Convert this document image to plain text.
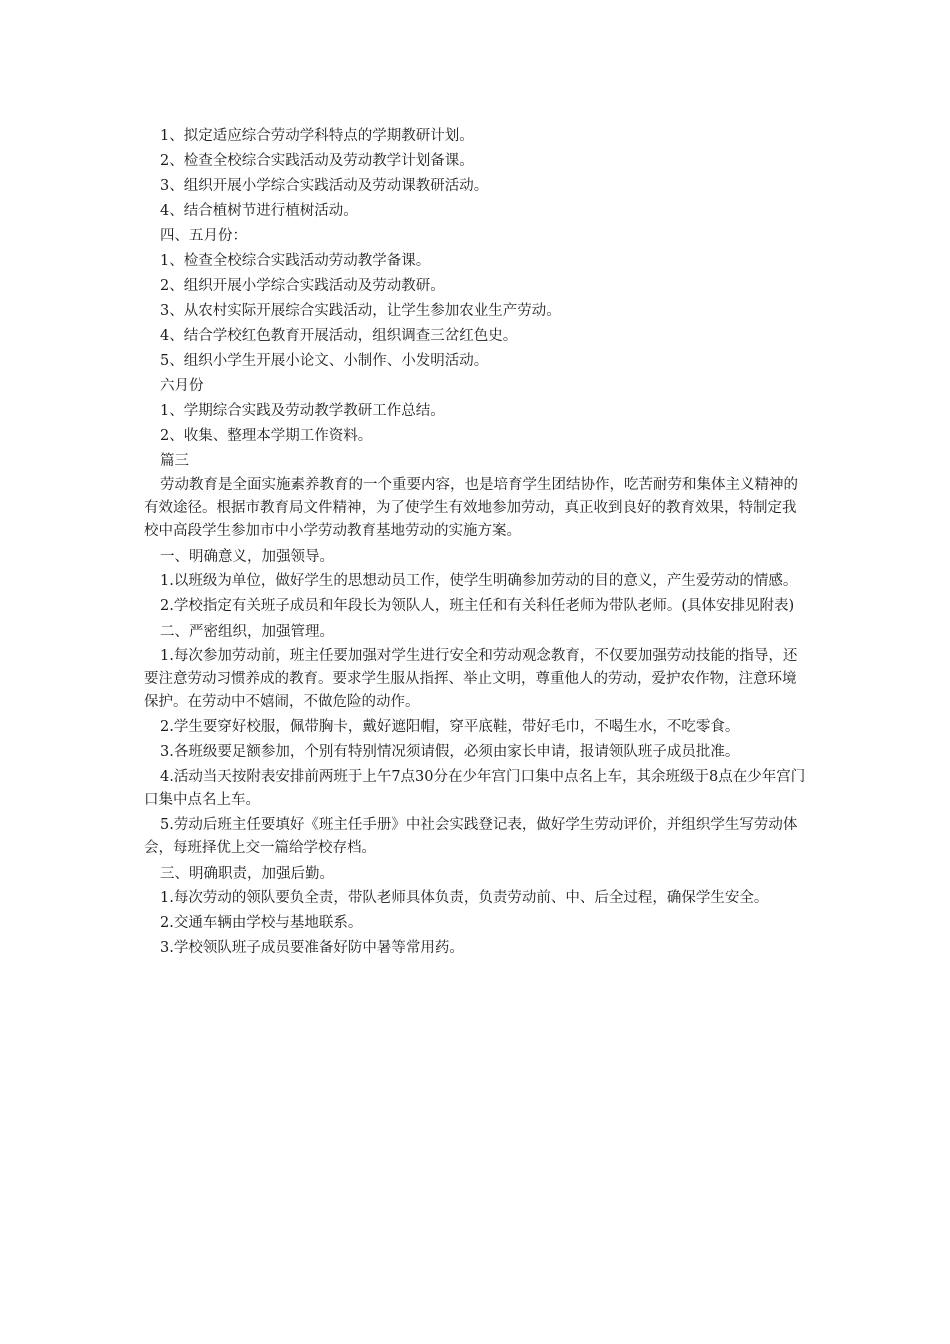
1、拟定适应综合劳动学科特点的学期教研计划。

2、检查全校综合实践活动及劳动教学计划备课。

3、组织开展小学综合实践活动及劳动课教研活动。

4、结合植树节进行植树活动。

四、五月份：

1、检查全校综合实践活动劳动教学备课。

2、组织开展小学综合实践活动及劳动教研。

3、从农村实际开展综合实践活动，让学生参加农业生产劳动。

4、结合学校红色教育开展活动，组织调查三岔红色史。

5、组织小学生开展小论文、小制作、小发明活动。

六月份

1、学期综合实践及劳动教学教研工作总结。

2、收集、整理本学期工作资料。

篇三

劳动教育是全面实施素养教育的一个重要内容，也是培育学生团结协作，吃苦耐劳和集体主义精神的有效途径。根据市教育局文件精神，为了使学生有效地参加劳动，真正收到良好的教育效果，特制定我校中高段学生参加市中小学劳动教育基地劳动的实施方案。

一、明确意义，加强领导。

1.以班级为单位，做好学生的思想动员工作，使学生明确参加劳动的目的意义，产生爱劳动的情感。

2.学校指定有关班子成员和年段长为领队人，班主任和有关科任老师为带队老师。(具体安排见附表)

二、严密组织，加强管理。

1.每次参加劳动前，班主任要加强对学生进行安全和劳动观念教育，不仅要加强劳动技能的指导，还要注意劳动习惯养成的教育。要求学生服从指挥、举止文明，尊重他人的劳动，爱护农作物，注意环境保护。在劳动中不嬉闹，不做危险的动作。

2.学生要穿好校服，佩带胸卡，戴好遮阳帽，穿平底鞋，带好毛巾，不喝生水，不吃零食。

3.各班级要足额参加，个别有特别情况须请假，必须由家长申请，报请领队班子成员批准。

4.活动当天按附表安排前两班于上午7点30分在少年宫门口集中点名上车，其余班级于8点在少年宫门口集中点名上车。

5.劳动后班主任要填好《班主任手册》中社会实践登记表，做好学生劳动评价，并组织学生写劳动体会，每班择优上交一篇给学校存档。

三、明确职责，加强后勤。

1.每次劳动的领队要负全责，带队老师具体负责，负责劳动前、中、后全过程，确保学生安全。

2.交通车辆由学校与基地联系。

3.学校领队班子成员要准备好防中暑等常用药。
